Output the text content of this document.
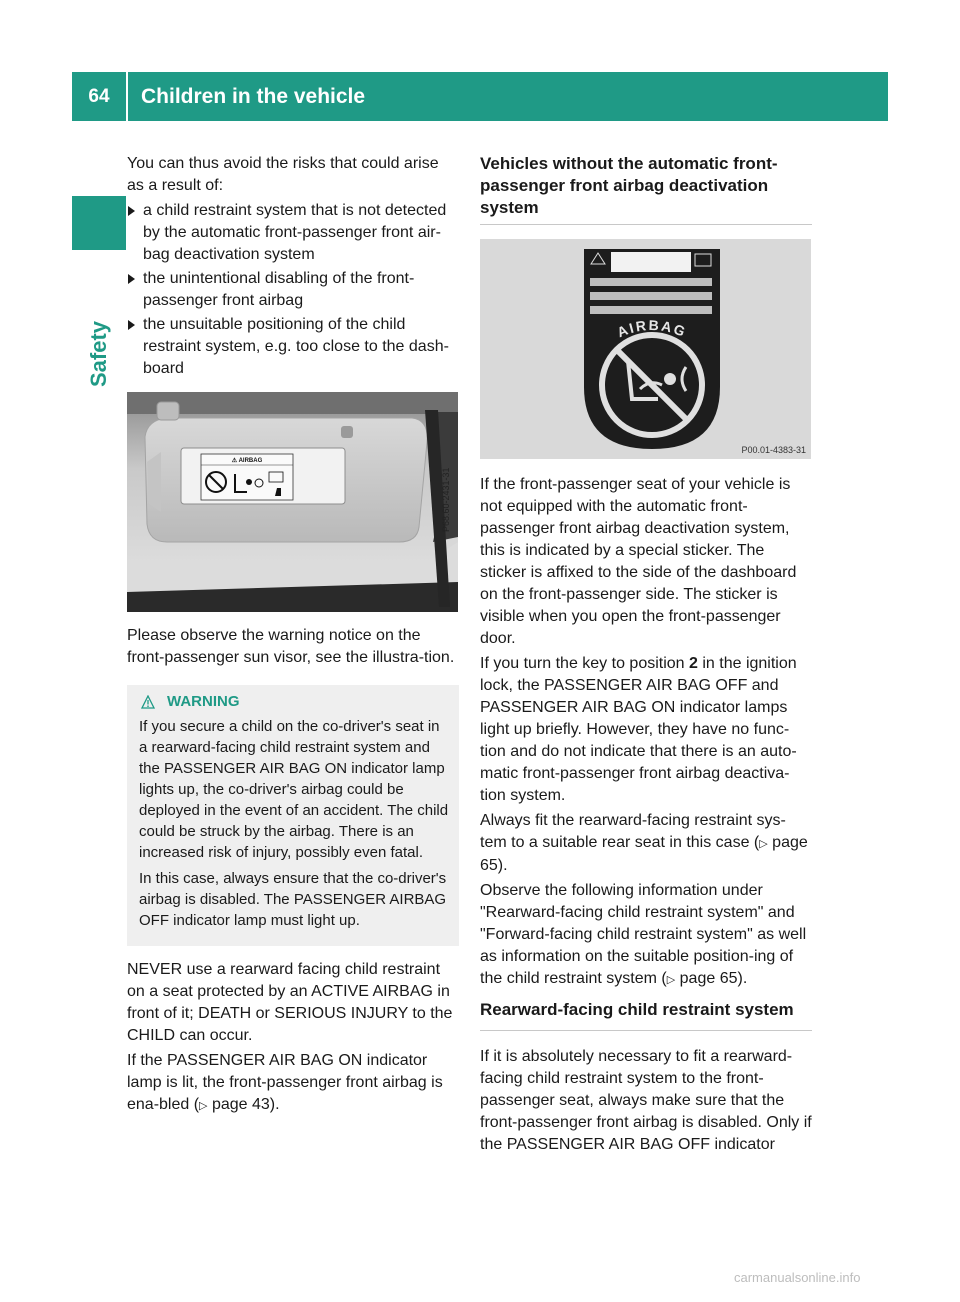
64	Children in the vehicle
Safety

You can thus avoid the risks that could arise as a result of:

a child restraint system that is not detected by the automatic front-passenger front air-bag deactivation system
the unintentional disabling of the front-passenger front airbag
the unsuitable positioning of the child restraint system, e.g. too close to the dash-board
⚠ AIRBAG
P68.60-2431-31

Please observe the warning notice on the front-passenger sun visor, see the illustra-tion.

WARNING

If you secure a child on the co-driver's seat in a rearward-facing child restraint system and the PASSENGER AIR BAG ON indicator lamp lights up, the co-driver's airbag could be deployed in the event of an accident. The child could be struck by the airbag. There is an increased risk of injury, possibly even fatal.

In this case, always ensure that the co-driver's airbag is disabled. The PASSENGER AIRBAG OFF indicator lamp must light up.

NEVER use a rearward facing child restraint on a seat protected by an ACTIVE AIRBAG in front of it; DEATH or SERIOUS INJURY to the CHILD can occur.

If the PASSENGER AIR BAG ON indicator lamp is lit, the front-passenger front airbag is ena-bled (▷ page 43).

Vehicles without the automatic front-passenger front airbag deactivation system
AIRBAG
P00.01-4383-31

If the front-passenger seat of your vehicle is not equipped with the automatic front-passenger front airbag deactivation system, this is indicated by a special sticker. The sticker is affixed to the side of the dashboard on the front-passenger side. The sticker is visible when you open the front-passenger door.

If you turn the key to position 2 in the ignition lock, the PASSENGER AIR BAG OFF and PASSENGER AIR BAG ON indicator lamps light up briefly. However, they have no func-tion and do not indicate that there is an auto-matic front-passenger front airbag deactiva-tion system.

Always fit the rearward-facing restraint sys-tem to a suitable rear seat in this case (▷ page 65).

Observe the following information under "Rearward-facing child restraint system" and "Forward-facing child restraint system" as well as information on the suitable position-ing of the child restraint system (▷ page 65).

Rearward-facing child restraint system

If it is absolutely necessary to fit a rearward-facing child restraint system to the front-passenger seat, always make sure that the front-passenger front airbag is disabled. Only if the PASSENGER AIR BAG OFF indicator

carmanualsonline.info
